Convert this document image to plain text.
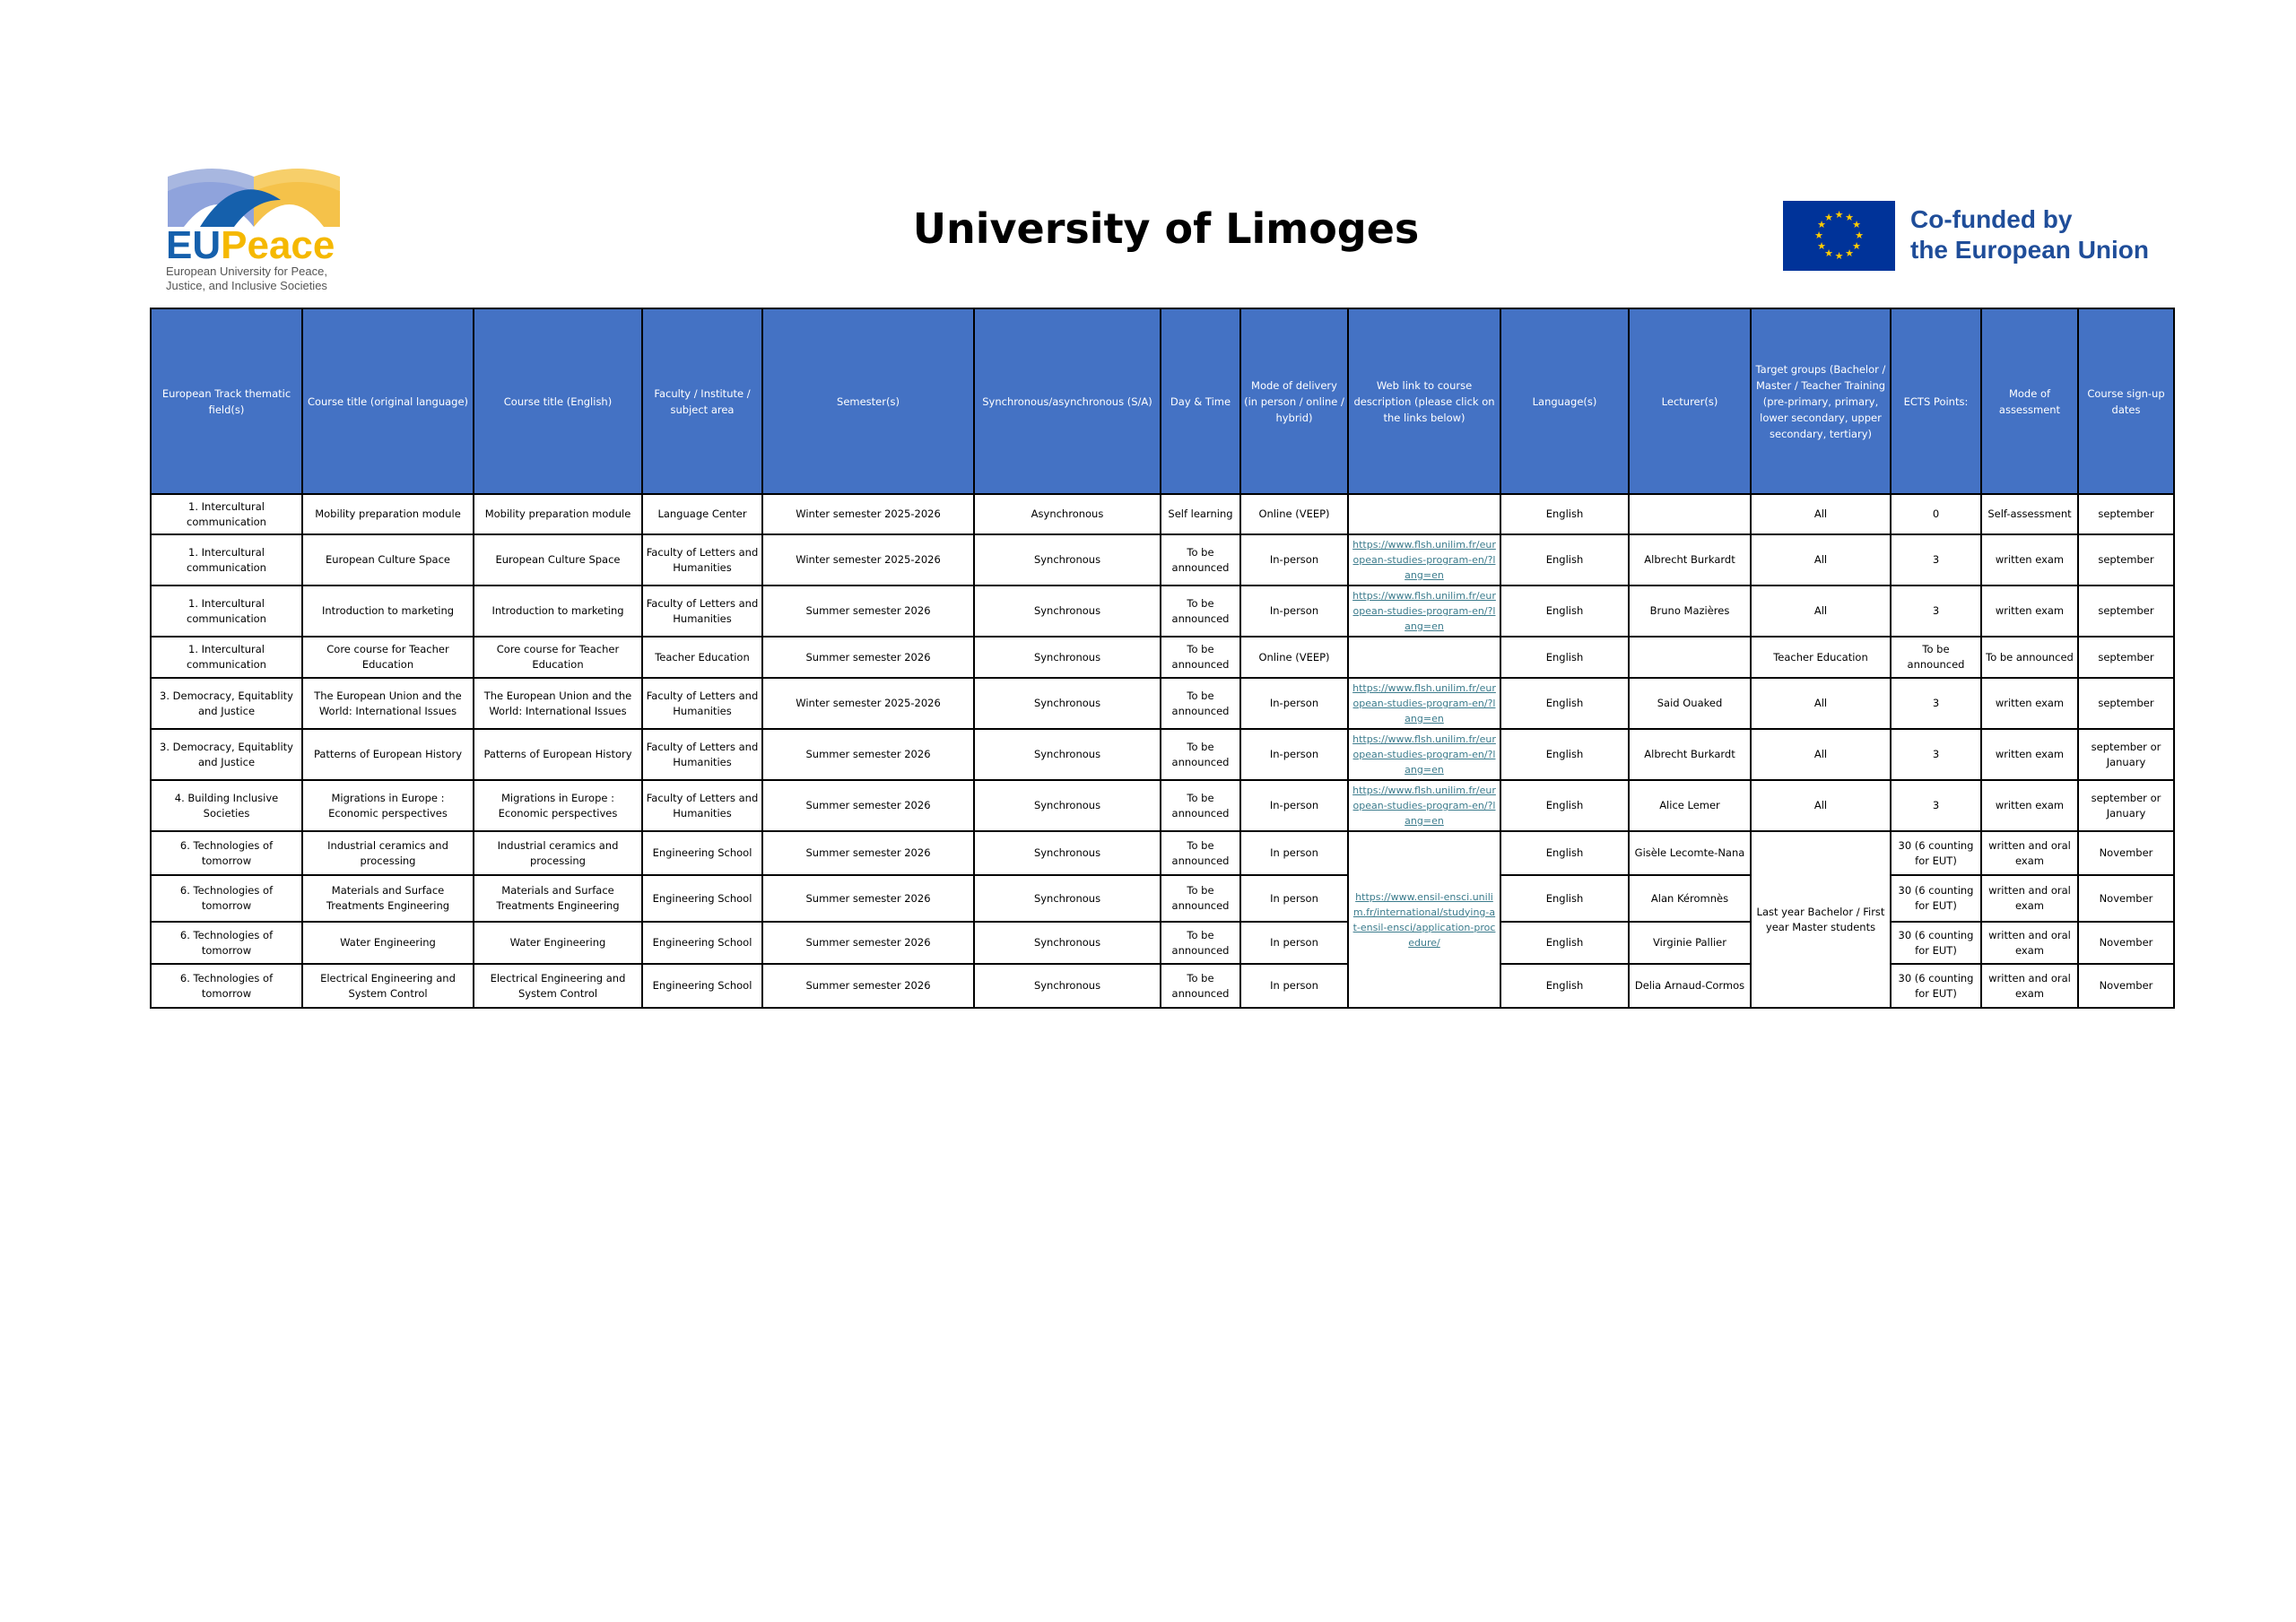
EUPeace
European University for Peace,
Justice, and Inclusive Societies
University of Limoges	★ ★
★
★
★
★
★
★
★
★
★
★	Co-funded by
the European Union
European Track thematic field(s)	Course title (original language)	Course title (English)	Faculty / Institute / subject area	Semester(s)	Synchronous/asynchronous (S/A)	Day & Time	Mode of delivery (in person / online / hybrid)	Web link to course description (please click on the links below)	Language(s)	Lecturer(s)	Target groups (Bachelor / Master / Teacher Training (pre-primary, primary, lower secondary, upper secondary, tertiary)	ECTS Points:	Mode of assessment	Course sign-up dates
1. Intercultural communication	Mobility preparation module	Mobility preparation module	Language Center	Winter semester 2025-2026	Asynchronous	Self learning	Online (VEEP)		English		All	0	Self-assessment	september
1. Intercultural communication	European Culture Space	European Culture Space	Faculty of Letters and Humanities	Winter semester 2025-2026	Synchronous	To be announced	In-person	https://www.flsh.unilim.fr/european-studies-program-en/?lang=en	English	Albrecht Burkardt	All	3	written exam	september
1. Intercultural communication	Introduction to marketing	Introduction to marketing	Faculty of Letters and Humanities	Summer semester 2026	Synchronous	To be announced	In-person	https://www.flsh.unilim.fr/european-studies-program-en/?lang=en	English	Bruno Mazières	All	3	written exam	september
1. Intercultural communication	Core course for Teacher Education	Core course for Teacher Education	Teacher Education	Summer semester 2026	Synchronous	To be announced	Online (VEEP)		English		Teacher Education	To be announced	To be announced	september
3. Democracy, Equitablity and Justice	The European Union and the World: International Issues	The European Union and the World: International Issues	Faculty of Letters and Humanities	Winter semester 2025-2026	Synchronous	To be announced	In-person	https://www.flsh.unilim.fr/european-studies-program-en/?lang=en	English	Said Ouaked	All	3	written exam	september
3. Democracy, Equitablity and Justice	Patterns of European History	Patterns of European History	Faculty of Letters and Humanities	Summer semester 2026	Synchronous	To be announced	In-person	https://www.flsh.unilim.fr/european-studies-program-en/?lang=en	English	Albrecht Burkardt	All	3	written exam	september or January
4. Building Inclusive Societies	Migrations in Europe : Economic perspectives	Migrations in Europe : Economic perspectives	Faculty of Letters and Humanities	Summer semester 2026	Synchronous	To be announced	In-person	https://www.flsh.unilim.fr/european-studies-program-en/?lang=en	English	Alice Lemer	All	3	written exam	september or January
6. Technologies of tomorrow	Industrial ceramics and processing	Industrial ceramics and processing	Engineering School	Summer semester 2026	Synchronous	To be announced	In person	https://www.ensil-ensci.unilim.fr/international/studying-at-ensil-ensci/application-procedure/	English	Gisèle Lecomte-Nana	Last year Bachelor / First year Master students	30 (6 counting for EUT)	written and oral exam	November
6. Technologies of tomorrow	Materials and Surface Treatments Engineering	Materials and Surface Treatments Engineering	Engineering School	Summer semester 2026	Synchronous	To be announced	In person		English	Alan Kéromnès		30 (6 counting for EUT)	written and oral exam	November
6. Technologies of tomorrow	Water Engineering	Water Engineering	Engineering School	Summer semester 2026	Synchronous	To be announced	In person		English	Virginie Pallier		30 (6 counting for EUT)	written and oral exam	November
6. Technologies of tomorrow	Electrical Engineering and System Control	Electrical Engineering and System Control	Engineering School	Summer semester 2026	Synchronous	To be announced	In person		English	Delia Arnaud-Cormos		30 (6 counting for EUT)	written and oral exam	November
